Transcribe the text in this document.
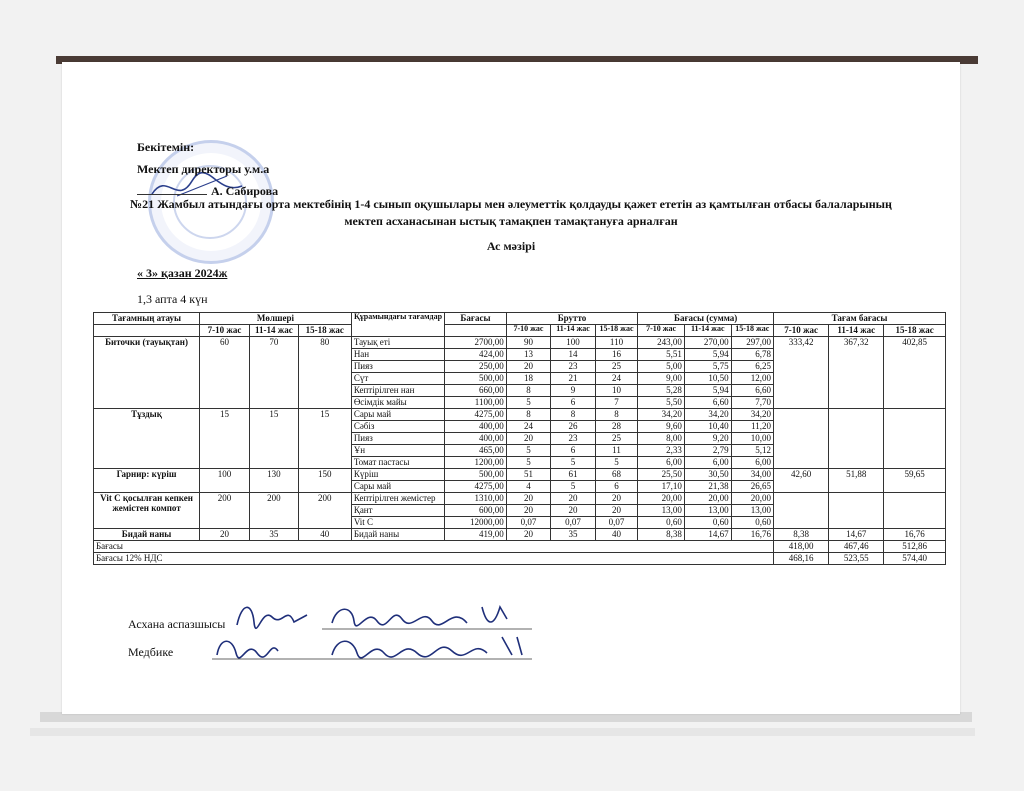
Бекітемін:
Мектеп директоры у.м.а
А. Сабирова
№21 Жамбыл атындағы орта мектебінің 1-4 сынып оқушылары мен әлеуметтік қолдауды қажет ететін аз қамтылған отбасы балаларының
мектеп асханасынан ыстық тамақпен тамақтануға арналған
Ас мәзірі
« 3» қазан 2024ж
1,3 апта 4 күн
Тағамның атауы	Мөлшері			Құрамындағы тағамдар	Бағасы	Брутто			Бағасы (сумма)			Тағам бағасы		
	7-10 жас	11-14 жас	15-18 жас			7-10 жас	11-14 жас	15-18 жас	7-10 жас	11-14 жас	15-18 жас	7-10 жас	11-14 жас	15-18 жас
Биточки (тауықтан)	60	70	80	Тауық еті	2700,00	90	100	110	243,00	270,00	297,00	333,42	367,32	402,85
				Нан	424,00	13	14	16	5,51	5,94	6,78			
				Пияз	250,00	20	23	25	5,00	5,75	6,25			
				Сүт	500,00	18	21	24	9,00	10,50	12,00			
				Кептірілген нан	660,00	8	9	10	5,28	5,94	6,60			
				Өсімдік майы	1100,00	5	6	7	5,50	6,60	7,70			
Тұздық	15	15	15	Сары май	4275,00	8	8	8	34,20	34,20	34,20			
				Сәбіз	400,00	24	26	28	9,60	10,40	11,20			
				Пияз	400,00	20	23	25	8,00	9,20	10,00			
				Ұн	465,00	5	6	11	2,33	2,79	5,12			
				Томат пастасы	1200,00	5	5	5	6,00	6,00	6,00			
Гарнир: күріш	100	130	150	Күріш	500,00	51	61	68	25,50	30,50	34,00	42,60	51,88	59,65
				Сары май	4275,00	4	5	6	17,10	21,38	26,65			
Vit С қосылған кепкен жемістен компот	200	200	200	Кептірілген жемістер	1310,00	20	20	20	20,00	20,00	20,00			
				Қант	600,00	20	20	20	13,00	13,00	13,00			
				Vit C	12000,00	0,07	0,07	0,07	0,60	0,60	0,60			
Бидай наны	20	35	40	Бидай наны	419,00	20	35	40	8,38	14,67	16,76	8,38	14,67	16,76
Бағасы												418,00	467,46	512,86
Бағасы 12% НДС												468,16	523,55	574,40
Асхана аспазшысы
Медбике
